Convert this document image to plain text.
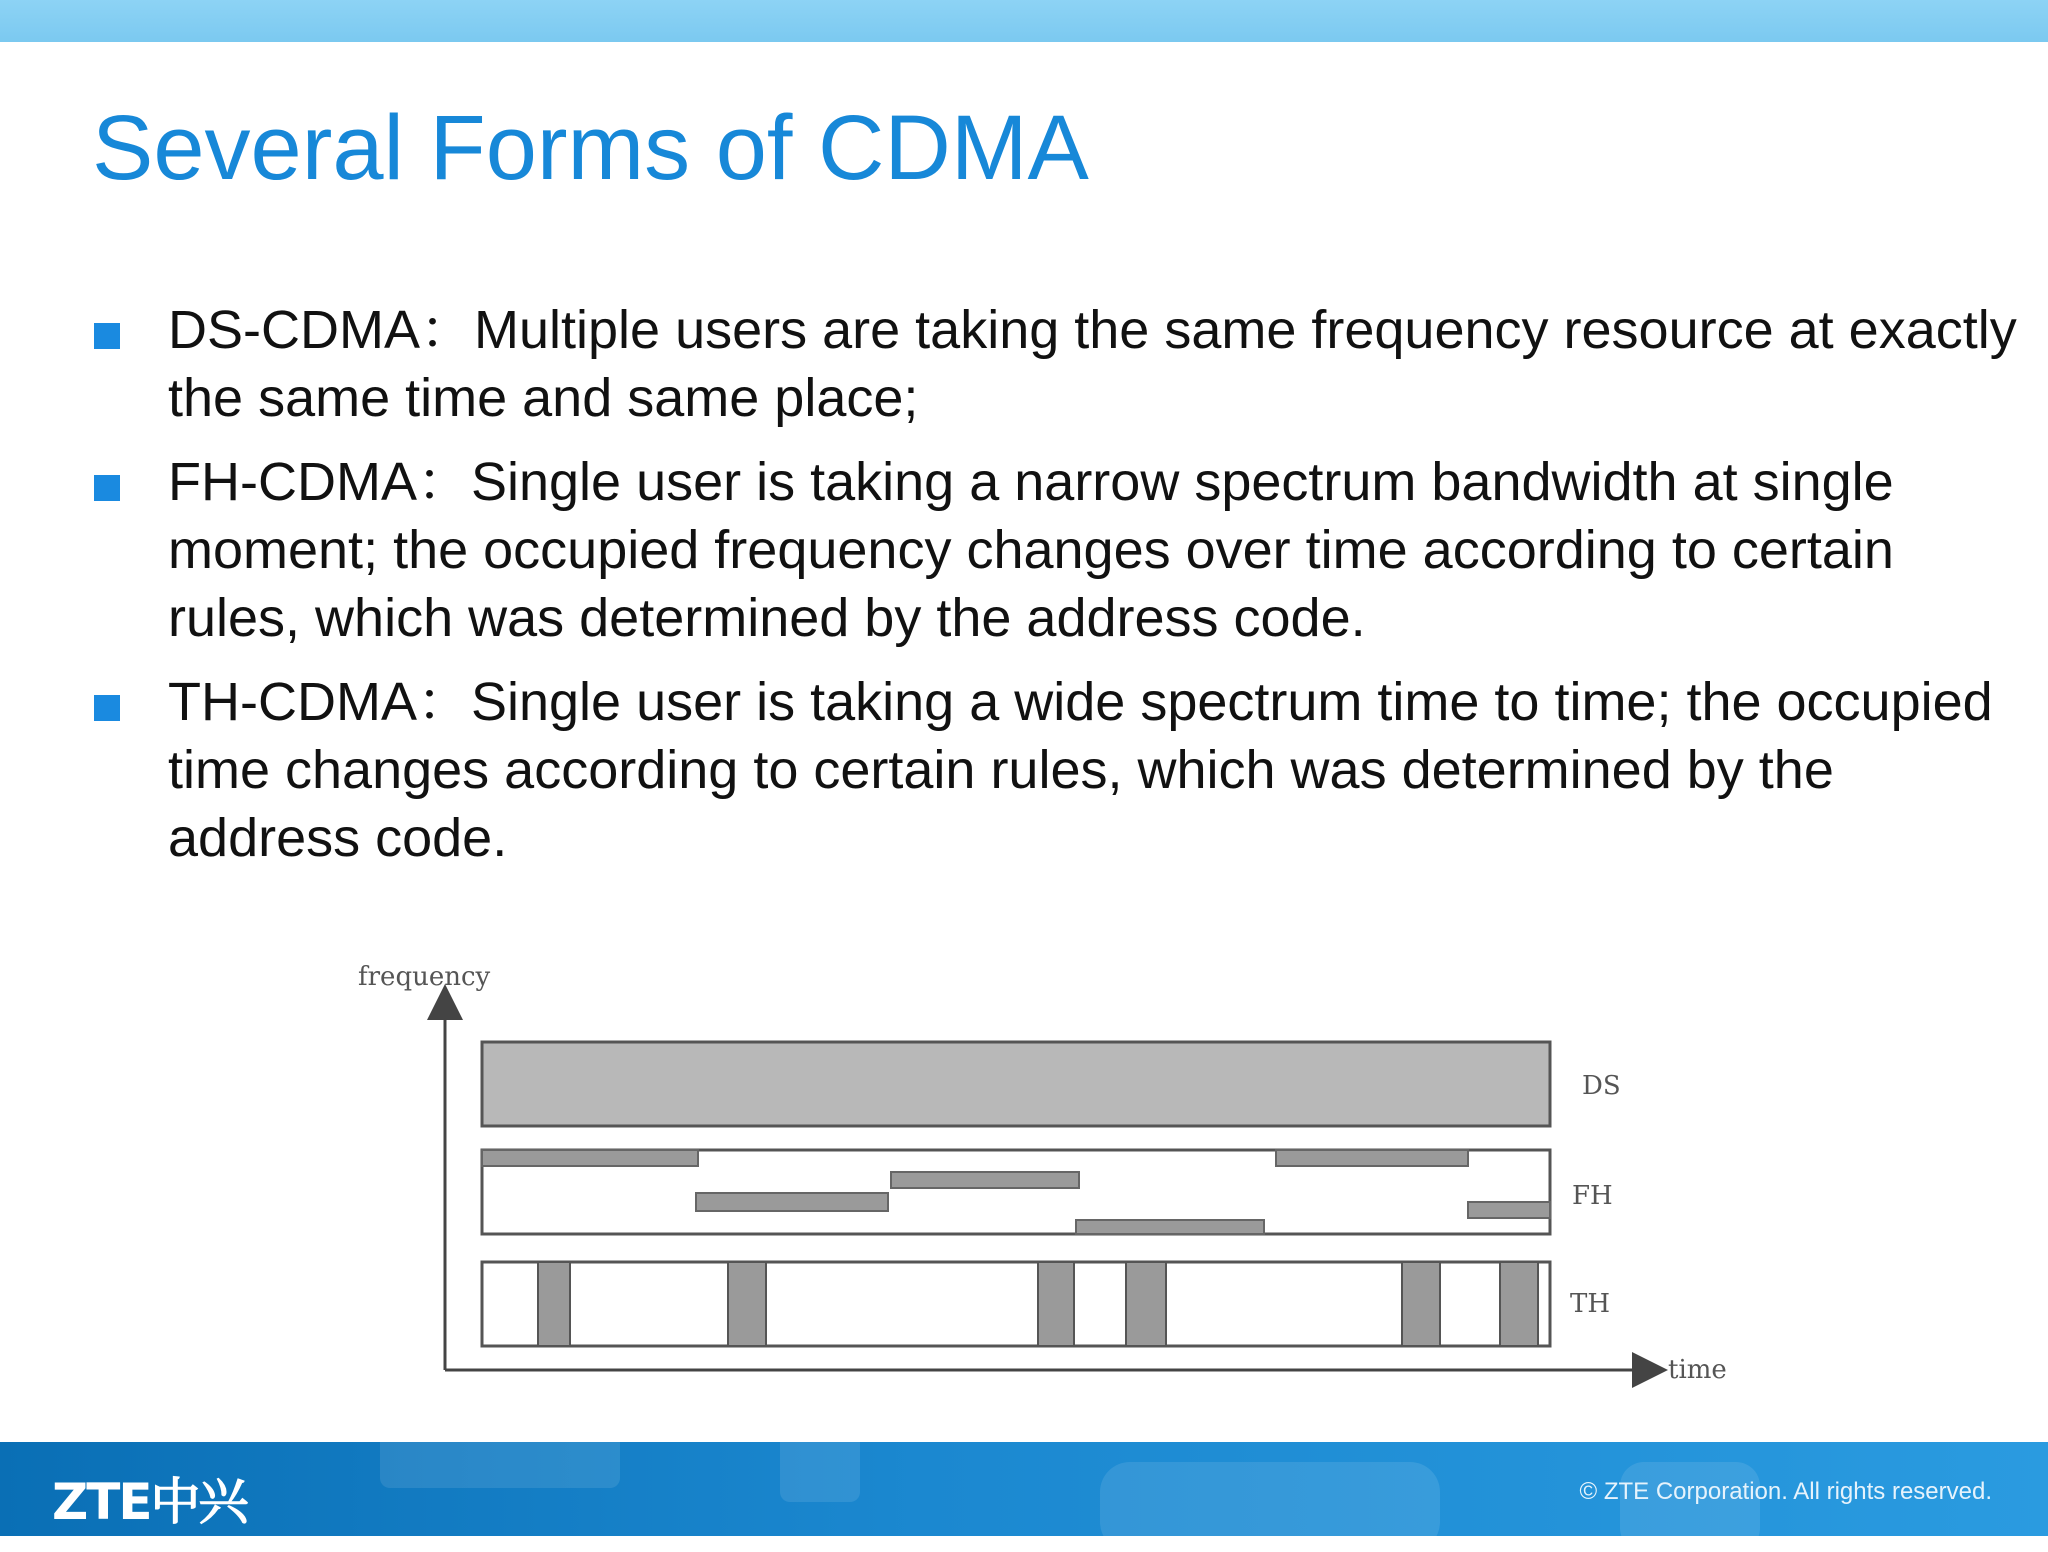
Several Forms of CDMA
DS-CDMA：Multiple users are taking the same frequency resource at exactly the same time and same place;
FH-CDMA：Single user is taking a narrow spectrum bandwidth at single moment; the occupied frequency changes over time according to certain rules, which was determined by the address code.
TH-CDMA：Single user is taking a wide spectrum time to time; the occupied time changes according to certain rules, which was determined by the address code.
frequency
time
DS
FH
TH
ZTE中兴	© ZTE Corporation. All rights reserved.
